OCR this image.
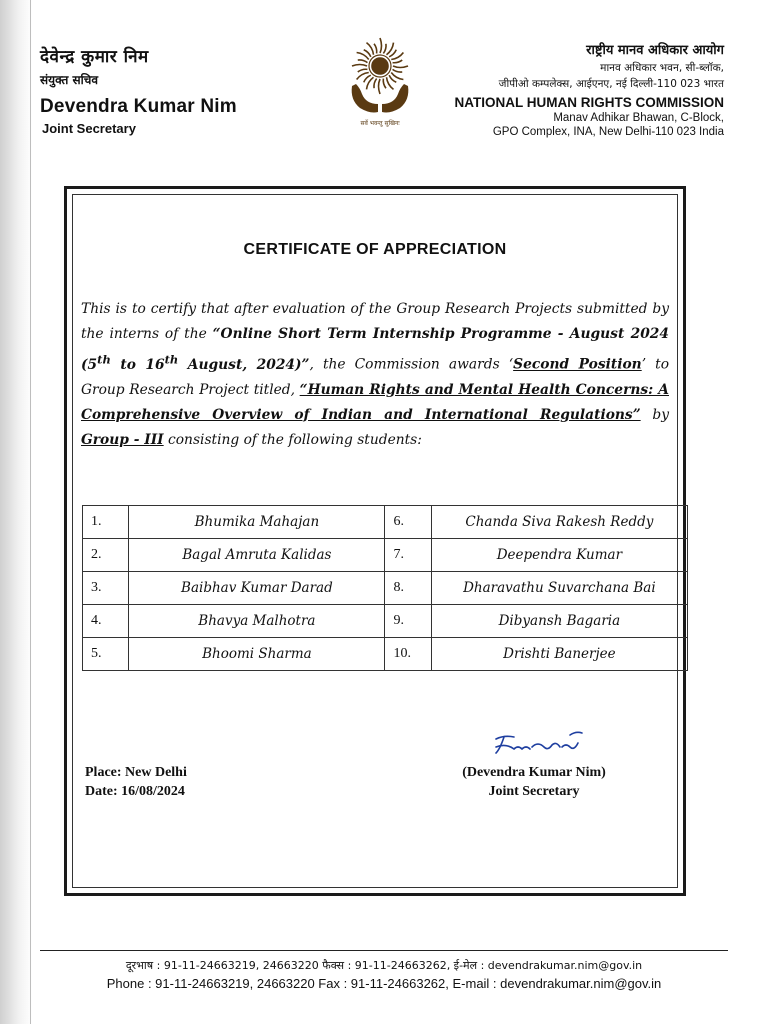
देवेन्द्र कुमार निम

संयुक्त सचिव

Devendra Kumar Nim

Joint Secretary	सर्वे भवन्तु सुखिनः

राष्ट्रीय मानव अधिकार आयोग

मानव अधिकार भवन, सी-ब्लॉक,

जीपीओ कम्पलेक्स, आईएनए, नई दिल्ली-110 023 भारत

NATIONAL HUMAN RIGHTS COMMISSION

Manav Adhikar Bhawan, C-Block,

GPO Complex, INA, New Delhi-110 023 India

CERTIFICATE OF APPRECIATION
This is to certify that after evaluation of the Group Research Projects submitted by the interns of the “Online Short Term Internship Programme - August 2024 (5th to 16th August, 2024)”, the Commission awards ‘Second Position’ to Group Research Project titled, “Human Rights and Mental Health Concerns: A Comprehensive Overview of Indian and International Regulations” by Group - III consisting of the following students:
1.	Bhumika Mahajan	6.	Chanda Siva Rakesh Reddy
2.	Bagal Amruta Kalidas	7.	Deependra Kumar
3.	Baibhav Kumar Darad	8.	Dharavathu Suvarchana Bai
4.	Bhavya Malhotra	9.	Dibyansh Bagaria
5.	Bhoomi Sharma	10.	Drishti Banerjee
Place: New Delhi
Date: 16/08/2024
(Devendra Kumar Nim)
Joint Secretary
दूरभाष : 91-11-24663219, 24663220 फैक्स : 91-11-24663262, ई-मेल : devendrakumar.nim@gov.in
Phone : 91-11-24663219, 24663220 Fax : 91-11-24663262, E-mail : devendrakumar.nim@gov.in
